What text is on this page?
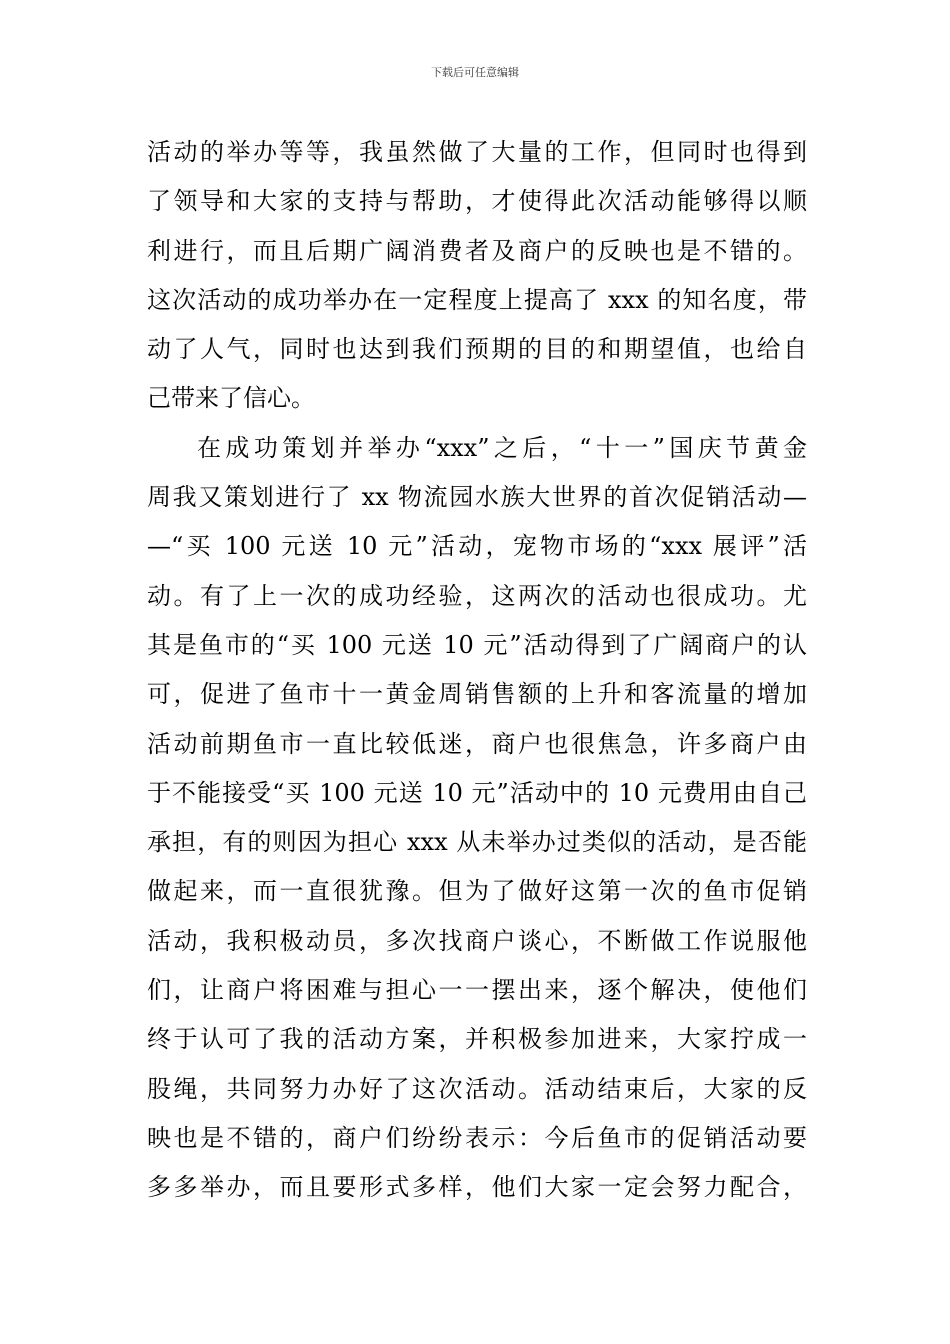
下载后可任意编辑
活动的举办等等，我虽然做了大量的工作，但同时也得到
了领导和大家的支持与帮助，才使得此次活动能够得以顺
利进行，而且后期广阔消费者及商户的反映也是不错的。
这次活动的成功举办在一定程度上提高了 xxx 的知名度，带
动了人气，同时也达到我们预期的目的和期望值，也给自
己带来了信心。
在成功策划并举办“xxx”之后，“十一”国庆节黄金
周我又策划进行了 xx 物流园水族大世界的首次促销活动—
—“买 100 元送 10 元”活动，宠物市场的“xxx 展评”活
动。有了上一次的成功经验，这两次的活动也很成功。尤
其是鱼市的“买 100 元送 10 元”活动得到了广阔商户的认
可，促进了鱼市十一黄金周销售额的上升和客流量的增加
活动前期鱼市一直比较低迷，商户也很焦急，许多商户由
于不能接受“买 100 元送 10 元”活动中的 10 元费用由自己
承担，有的则因为担心 xxx 从未举办过类似的活动，是否能
做起来，而一直很犹豫。但为了做好这第一次的鱼市促销
活动，我积极动员，多次找商户谈心，不断做工作说服他
们，让商户将困难与担心一一摆出来，逐个解决，使他们
终于认可了我的活动方案，并积极参加进来，大家拧成一
股绳，共同努力办好了这次活动。活动结束后，大家的反
映也是不错的，商户们纷纷表示：今后鱼市的促销活动要
多多举办，而且要形式多样，他们大家一定会努力配合，
